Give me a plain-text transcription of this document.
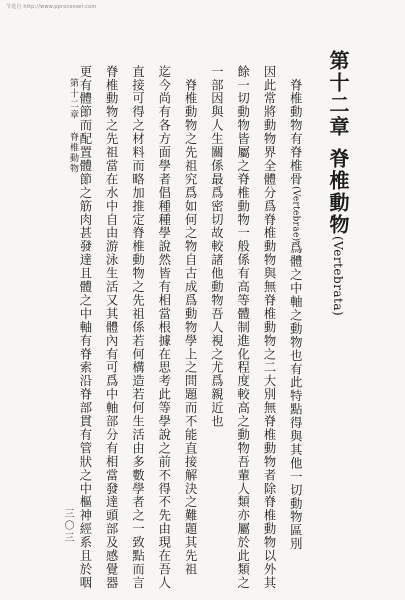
节选自 http://www.pprocesser.com
第十二章脊椎動物(Vertebrata)
　脊椎動物有脊椎骨(Vertebrae)爲體之中軸之動物也有此特點得與其他一切動物區別
因此常將動物界全體分爲脊椎動物與無脊椎動物之二大別無脊椎動物者除脊椎動物以外其
餘一切動物皆屬之脊椎動物一般係有高等體制進化程度較高之動物吾輩人類亦屬於此類之
一部因與人生關係最爲密切故較諸他動物吾人視之尤爲親近也
　脊椎動物之先祖究爲如何之物自古成爲動物學上之問題而不能直接解決之難題其先祖
迄今尚有各方面學者倡種種學說然皆有相當根據在思考此等學說之前不得不先由現在吾人
直接可得之材料而略加推定脊椎動物之先祖係若何構造若何生活由多數學者之一致點而言
脊椎動物之先祖當在水中自由游泳生活又其體內有可爲中軸部分有相當發達頭部及感覺器
更有體節而配置體節之筋肉甚發達且體之中軸有脊索沿脊部貫有管狀之中樞神經系且於咽
第十二章脊椎動物
三〇三
